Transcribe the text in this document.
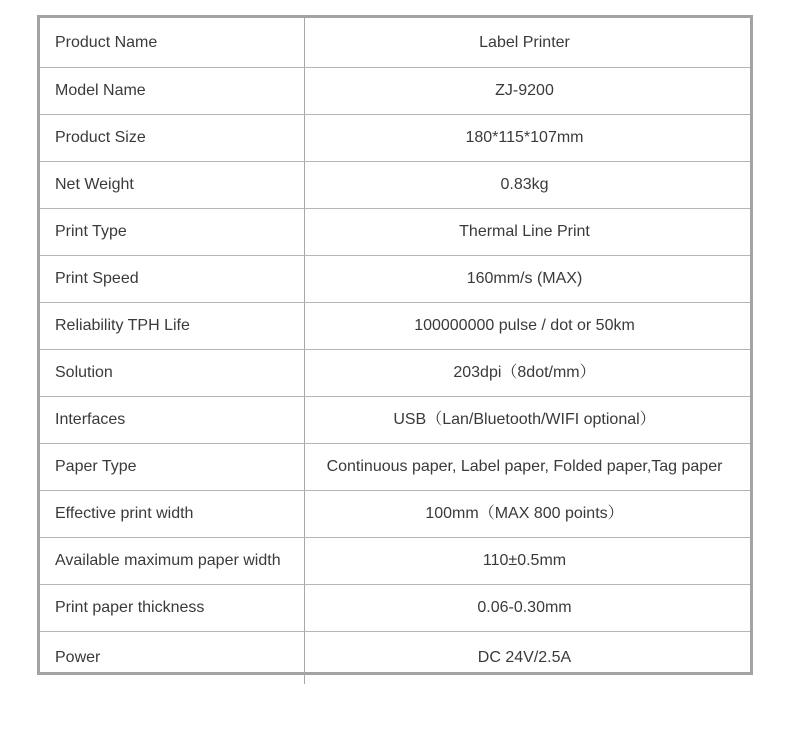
Product Name	Label Printer
Model Name	ZJ-9200
Product Size	180*115*107mm
Net Weight	0.83kg
Print Type	Thermal Line Print
Print Speed	160mm/s (MAX)
Reliability TPH Life	100000000 pulse / dot or 50km
Solution	203dpi（8dot/mm）
Interfaces	USB（Lan/Bluetooth/WIFI optional）
Paper Type	Continuous paper, Label paper, Folded paper,Tag paper
Effective print width	100mm（MAX 800 points）
Available maximum paper width	110±0.5mm
Print paper thickness	0.06-0.30mm
Power	DC 24V/2.5A
